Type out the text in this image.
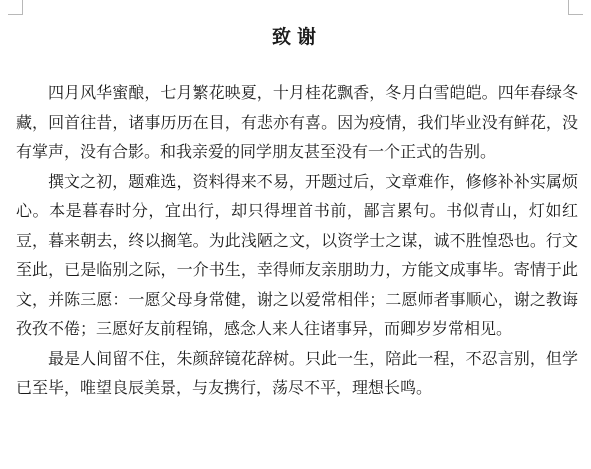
致谢

四月风华蜜酿，七月繁花映夏，十月桂花飘香，冬月白雪皑皑。四年春绿冬藏，回首往昔，诸事历历在目，有悲亦有喜。因为疫情，我们毕业没有鲜花，没有掌声，没有合影。和我亲爱的同学朋友甚至没有一个正式的告别。

撰文之初，题难选，资料得来不易，开题过后，文章难作，修修补补实属烦心。本是暮春时分，宜出行，却只得埋首书前，鄙言累句。书似青山，灯如红豆，暮来朝去，终以搁笔。为此浅陋之文，以资学士之谋，诚不胜惶恐也。行文至此，已是临别之际，一介书生，幸得师友亲朋助力，方能文成事毕。寄情于此文，并陈三愿：一愿父母身常健，谢之以爱常相伴；二愿师者事顺心，谢之教诲孜孜不倦；三愿好友前程锦，感念人来人往诸事异，而卿岁岁常相见。

最是人间留不住，朱颜辞镜花辞树。只此一生，陪此一程，不忍言别，但学已至毕，唯望良辰美景，与友携行，荡尽不平，理想长鸣。
